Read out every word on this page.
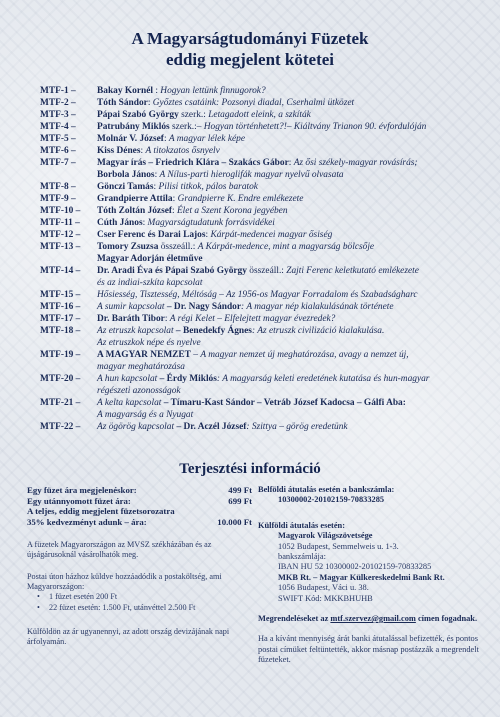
A Magyarságtudományi Füzetek
eddig megjelent kötetei
MTF-1 –	Bakay Kornél : Hogyan lettünk finnugorok?
MTF-2 –	Tóth Sándor: Győztes csatáink: Pozsonyi diadal, Cserhalmi ütközet
MTF-3 –	Pápai Szabó György szerk.: Letagadott eleink, a szkíták
MTF-4 –	Patrubány Miklós szerk.:– Hogyan történhetett?!– Kiáltvány Trianon 90. évfordulóján
MTF-5 –	Molnár V. József: A magyar lélek képe
MTF-6 –	Kiss Dénes: A titokzatos ősnyelv
MTF-7 –	Magyar írás – Friedrich Klára – Szakács Gábor: Az ősi székely-magyar rovásírás;
Borbola János: A Nílus-parti hieroglifák magyar nyelvű olvasata
MTF-8 –	Gönczi Tamás: Pilisi titkok, pálos baratok
MTF-9 –	Grandpierre Attila: Grandpierre K. Endre emlékezete
MTF-10 –	Tóth Zoltán József: Élet a Szent Korona jegyében
MTF-11 –	Cúth János: Magyarságtudatunk forrásvidékei
MTF-12 –	Cser Ferenc és Darai Lajos: Kárpát-medencei magyar ősiség
MTF-13 –	Tomory Zsuzsa összeáll.: A Kárpát-medence, mint a magyarság bölcsője
Magyar Adorján életműve
MTF-14 –	Dr. Aradi Éva és Pápai Szabó György összeáll.: Zajti Ferenc keletkutató emlékezete
és az indiai-szkíta kapcsolat
MTF-15 –	Hősiesség, Tisztesség, Méltóság – Az 1956-os Magyar Forradalom és Szabadságharc
MTF-16 –	A sumir kapcsolat – Dr. Nagy Sándor: A magyar nép kialakulásának története
MTF-17 –	Dr. Baráth Tibor: A régi Kelet – Elfelejtett magyar évezredek?
MTF-18 –	Az etruszk kapcsolat – Benedekfy Ágnes: Az etruszk civilizáció kialakulása.
Az etruszkok népe és nyelve
MTF-19 –	A MAGYAR NEMZET – A magyar nemzet új meghatározása, avagy a nemzet új,
magyar meghatározása
MTF-20 –	A hun kapcsolat – Érdy Miklós: A magyarság keleti eredetének kutatása és hun-magyar
régészeti azonosságok
MTF-21 –	A kelta kapcsolat – Tímaru-Kast Sándor – Vetráb József Kadocsa – Gálfi Aba:
A magyarság és a Nyugat
MTF-22 –	Az ögörög kapcsolat – Dr. Aczél József: Szittya – görög eredetünk
Terjesztési információ
Egy füzet ára megjelenéskor:	499 Ft
Egy utánnyomott füzet ára:	699 Ft
A teljes, eddig megjelent füzetsorozatra
35% kedvezményt adunk – ára:	10.000 Ft
A füzetek Magyarországon az MVSZ székházában és az újságárusoknál vásárolhatók meg.
Postai úton házhoz küldve hozzáadódik a postaköltség, ami Magyarországon:
• 1 füzet esetén 200 Ft
• 22 füzet esetén: 1.500 Ft, utánvéttel 2.500 Ft
Külföldön az ár ugyanennyi, az adott ország devizájának napi árfolyamán.
Belföldi átutalás esetén a bankszámla:
10300002-20102159-70833285
Külföldi átutalás esetén:
Magyarok Világszövetsége
1052 Budapest, Semmelweis u. 1-3.
bankszámlája:
IBAN HU 52 10300002-20102159-70833285
MKB Rt. – Magyar Külkereskedelmi Bank Rt.
1056 Budapest, Váci u. 38.
SWIFT Kód: MKKBHUHB
Megrendeléseket az mtf.szervez@gmail.com címen fogadnak.
Ha a kívánt mennyiség árát banki átutalással befizették, és pontos postai címüket feltüntették, akkor másnap postázzák a megrendelt füzeteket.
